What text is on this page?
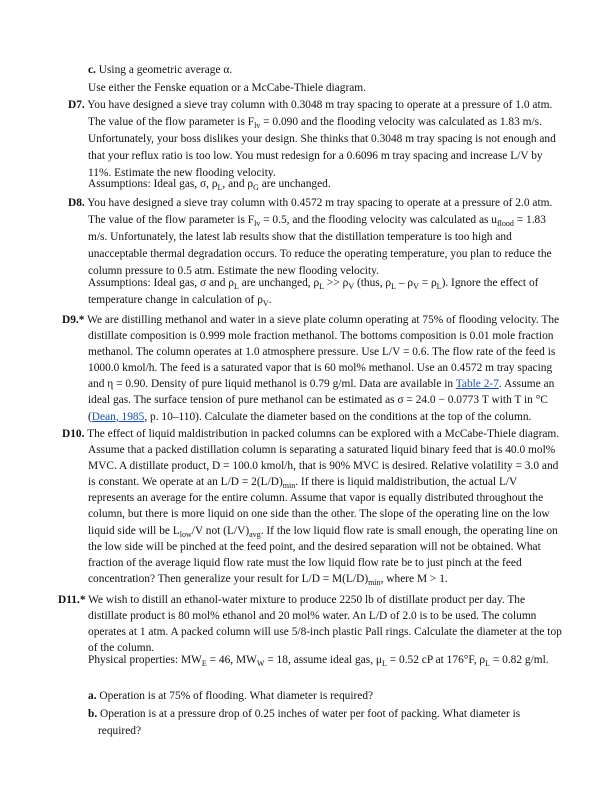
c. Using a geometric average α.

Use either the Fenske equation or a McCabe-Thiele diagram.

D7. You have designed a sieve tray column with 0.3048 m tray spacing to operate at a pressure of 1.0 atm. The value of the flow parameter is $F_{lv} = 0.090$ and the flooding velocity was calculated as 1.83 m/s. Unfortunately, your boss dislikes your design. She thinks that 0.3048 m tray spacing is not enough and that your reflux ratio is too low. You must redesign for a 0.6096 m tray spacing and increase L/V by 11%. Estimate the new flooding velocity.

Assumptions: Ideal gas, σ, $\rho_L$, and $\rho_G$ are unchanged.

D8. You have designed a sieve tray column with 0.4572 m tray spacing to operate at a pressure of 2.0 atm. The value of the flow parameter is $F_{lv} = 0.5$, and the flooding velocity was calculated as $u_{flood} = 1.83$ m/s. Unfortunately, the latest lab results show that the distillation temperature is too high and unacceptable thermal degradation occurs. To reduce the operating temperature, you plan to reduce the column pressure to 0.5 atm. Estimate the new flooding velocity.

Assumptions: Ideal gas, σ and $\rho_L$ are unchanged, $\rho_L >> \rho_V$ (thus, $\rho_L - \rho_V = \rho_L$). Ignore the effect of temperature change in calculation of $\rho_V$.

D9.* We are distilling methanol and water in a sieve plate column operating at 75% of flooding velocity. The distillate composition is 0.999 mole fraction methanol. The bottoms composition is 0.01 mole fraction methanol. The column operates at 1.0 atmosphere pressure. Use L/V = 0.6. The flow rate of the feed is 1000.0 kmol/h. The feed is a saturated vapor that is 60 mol% methanol. Use an 0.4572 m tray spacing and η = 0.90. Density of pure liquid methanol is 0.79 g/ml. Data are available in Table 2-7. Assume an ideal gas. The surface tension of pure methanol can be estimated as σ = 24.0 − 0.0773 T with T in °C (Dean, 1985, p. 10–110). Calculate the diameter based on the conditions at the top of the column.

D10. The effect of liquid maldistribution in packed columns can be explored with a McCabe-Thiele diagram. Assume that a packed distillation column is separating a saturated liquid binary feed that is 40.0 mol% MVC. A distillate product, D = 100.0 kmol/h, that is 90% MVC is desired. Relative volatility = 3.0 and is constant. We operate at an $L/D = 2(L/D)_{min}$. If there is liquid maldistribution, the actual L/V represents an average for the entire column. Assume that vapor is equally distributed throughout the column, but there is more liquid on one side than the other. The slope of the operating line on the low liquid side will be $L_{low}/V$ not $(L/V)_{avg}$. If the low liquid flow rate is small enough, the operating line on the low side will be pinched at the feed point, and the desired separation will not be obtained. What fraction of the average liquid flow rate must the low liquid flow rate be to just pinch at the feed concentration? Then generalize your result for $L/D = M(L/D)_{min}$, where M > 1.

D11.* We wish to distill an ethanol-water mixture to produce 2250 lb of distillate product per day. The distillate product is 80 mol% ethanol and 20 mol% water. An L/D of 2.0 is to be used. The column operates at 1 atm. A packed column will use 5/8-inch plastic Pall rings. Calculate the diameter at the top of the column.

Physical properties: $MW_E = 46$, $MW_W = 18$, assume ideal gas, $\mu_L = 0.52$ cP at 176°F, $\rho_L = 0.82$ g/ml.

a. Operation is at 75% of flooding. What diameter is required?

b. Operation is at a pressure drop of 0.25 inches of water per foot of packing. What diameter is required?
